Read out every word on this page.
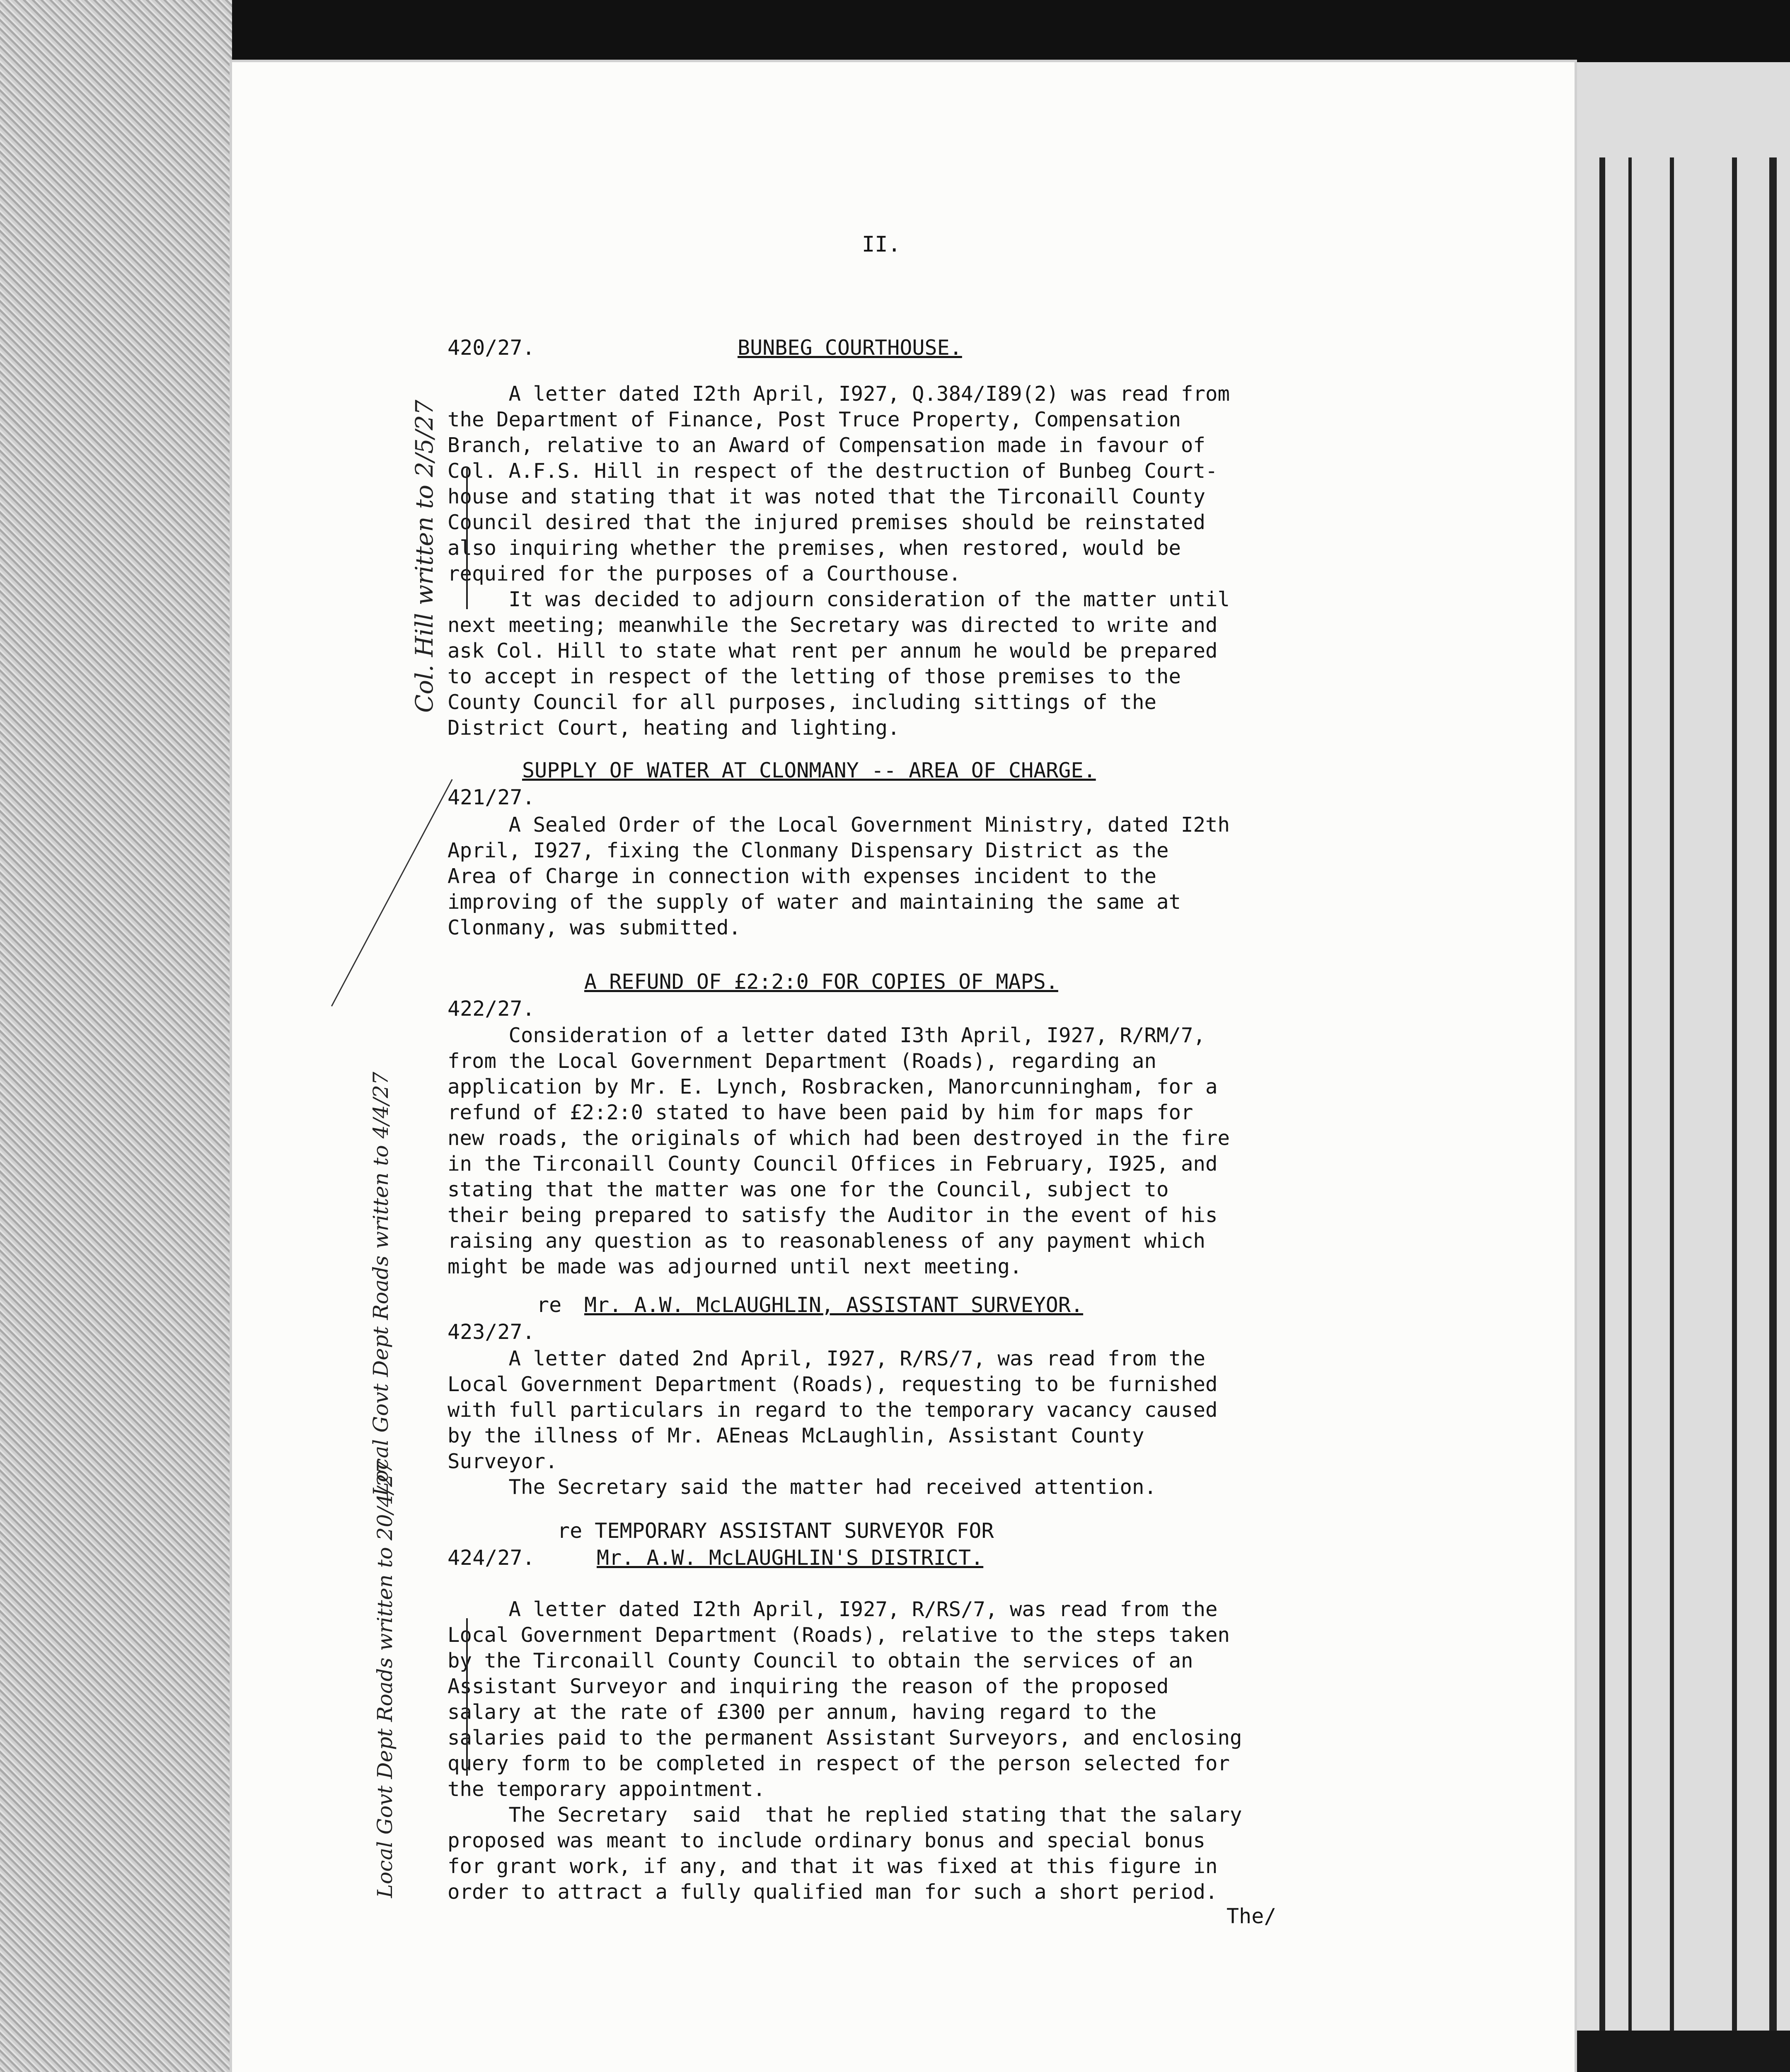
II.
420/27.	BUNBEG COURTHOUSE.

A letter dated I2th April, I927, Q.384/I89(2) was read from

the Department of Finance, Post Truce Property, Compensation

Branch, relative to an Award of Compensation made in favour of

Col. A.F.S. Hill in respect of the destruction of Bunbeg Court-

house and stating that it was noted that the Tirconaill County

Council desired that the injured premises should be reinstated

also inquiring whether the premises, when restored, would be

required for the purposes of a Courthouse.

It was decided to adjourn consideration of the matter until

next meeting; meanwhile the Secretary was directed to write and

ask Col. Hill to state what rent per annum he would be prepared

to accept in respect of the letting of those premises to the

County Council for all purposes, including sittings of the

District Court, heating and lighting.

SUPPLY OF WATER AT CLONMANY -- AREA OF CHARGE.
421/27.

A Sealed Order of the Local Government Ministry, dated I2th

April, I927, fixing the Clonmany Dispensary District as the

Area of Charge in connection with expenses incident to the

improving of the supply of water and maintaining the same at

Clonmany, was submitted.

A REFUND OF £2:2:0 FOR COPIES OF MAPS.
422/27.

Consideration of a letter dated I3th April, I927, R/RM/7,

from the Local Government Department (Roads), regarding an

application by Mr. E. Lynch, Rosbracken, Manorcunningham, for a

refund of £2:2:0 stated to have been paid by him for maps for

new roads, the originals of which had been destroyed in the fire

in the Tirconaill County Council Offices in February, I925, and

stating that the matter was one for the Council, subject to

their being prepared to satisfy the Auditor in the event of his

raising any question as to reasonableness of any payment which

might be made was adjourned until next meeting.

re Mr. A.W. McLAUGHLIN, ASSISTANT SURVEYOR.
423/27.

A letter dated 2nd April, I927, R/RS/7, was read from the

Local Government Department (Roads), requesting to be furnished

with full particulars in regard to the temporary vacancy caused

by the illness of Mr. AEneas McLaughlin, Assistant County

Surveyor.

The Secretary said the matter had received attention.

re TEMPORARY ASSISTANT SURVEYOR FOR
424/27.	Mr. A.W. McLAUGHLIN'S DISTRICT.

A letter dated I2th April, I927, R/RS/7, was read from the

Local Government Department (Roads), relative to the steps taken

by the Tirconaill County Council to obtain the services of an

Assistant Surveyor and inquiring the reason of the proposed

salary at the rate of £300 per annum, having regard to the

salaries paid to the permanent Assistant Surveyors, and enclosing

query form to be completed in respect of the person selected for

the temporary appointment.

The Secretary  said  that he replied stating that the salary

proposed was meant to include ordinary bonus and special bonus

for grant work, if any, and that it was fixed at this figure in

order to attract a fully qualified man for such a short period.

The/
Col. Hill written to 2/5/27
Local Govt Dept Roads written to 4/4/27
Local Govt Dept Roads written to 20/4/27
